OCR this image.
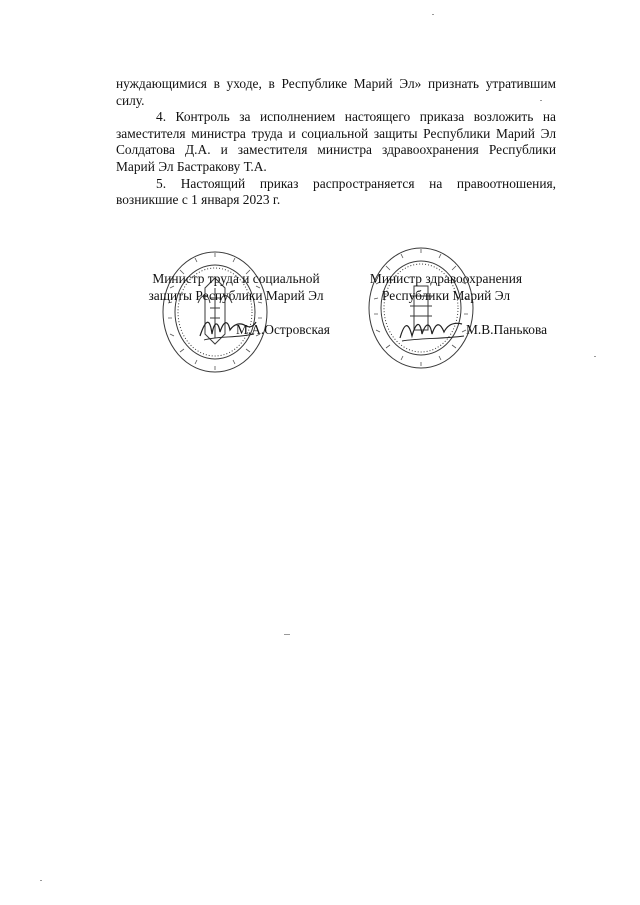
нуждающимися в уходе, в Республике Марий Эл» признать утратившим силу.

4. Контроль за исполнением настоящего приказа возложить на заместителя министра труда и социальной защиты Республики Марий Эл Солдатова Д.А. и заместителя министра здравоохранения Республики Марий Эл Бастракову Т.А.

5. Настоящий приказ распространяется на правоотношения, возникшие с 1 января 2023 г.

Министр труда и социальной
защиты Республики Марий Эл
М.А.Островская
Министр здравоохранения
Республики Марий Эл
М.В.Панькова
